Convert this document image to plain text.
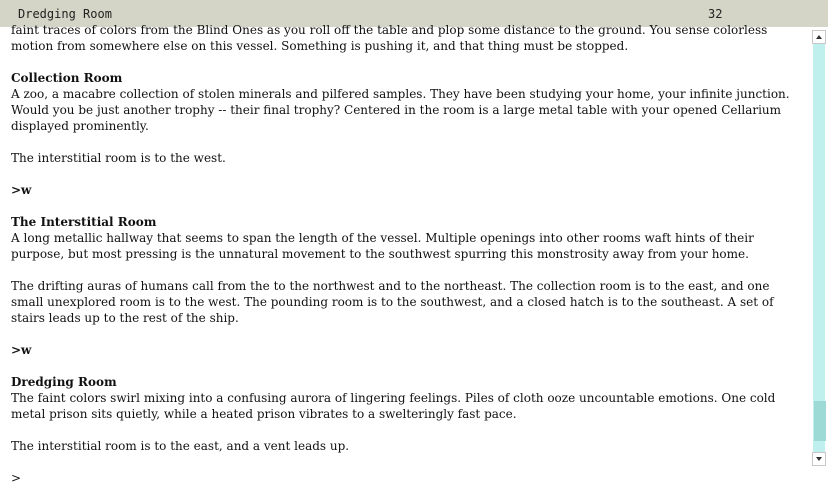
Dredging Room	32

faint traces of colors from the Blind Ones as you roll off the table and plop some distance to the ground. You sense colorless motion from somewhere else on this vessel. Something is pushing it, and that thing must be stopped.

Collection Room

A zoo, a macabre collection of stolen minerals and pilfered samples. They have been studying your home, your infinite junction. Would you be just another trophy -- their final trophy? Centered in the room is a large metal table with your opened Cellarium displayed prominently.

The interstitial room is to the west.

>w

The Interstitial Room

A long metallic hallway that seems to span the length of the vessel. Multiple openings into other rooms waft hints of their purpose, but most pressing is the unnatural movement to the southwest spurring this monstrosity away from your home.

The drifting auras of humans call from the to the northwest and to the northeast. The collection room is to the east, and one small unexplored room is to the west. The pounding room is to the southwest, and a closed hatch is to the southeast. A set of stairs leads up to the rest of the ship.

>w

Dredging Room

The faint colors swirl mixing into a confusing aurora of lingering feelings. Piles of cloth ooze uncountable emotions. One cold metal prison sits quietly, while a heated prison vibrates to a swelteringly fast pace.

The interstitial room is to the east, and a vent leads up.

>
